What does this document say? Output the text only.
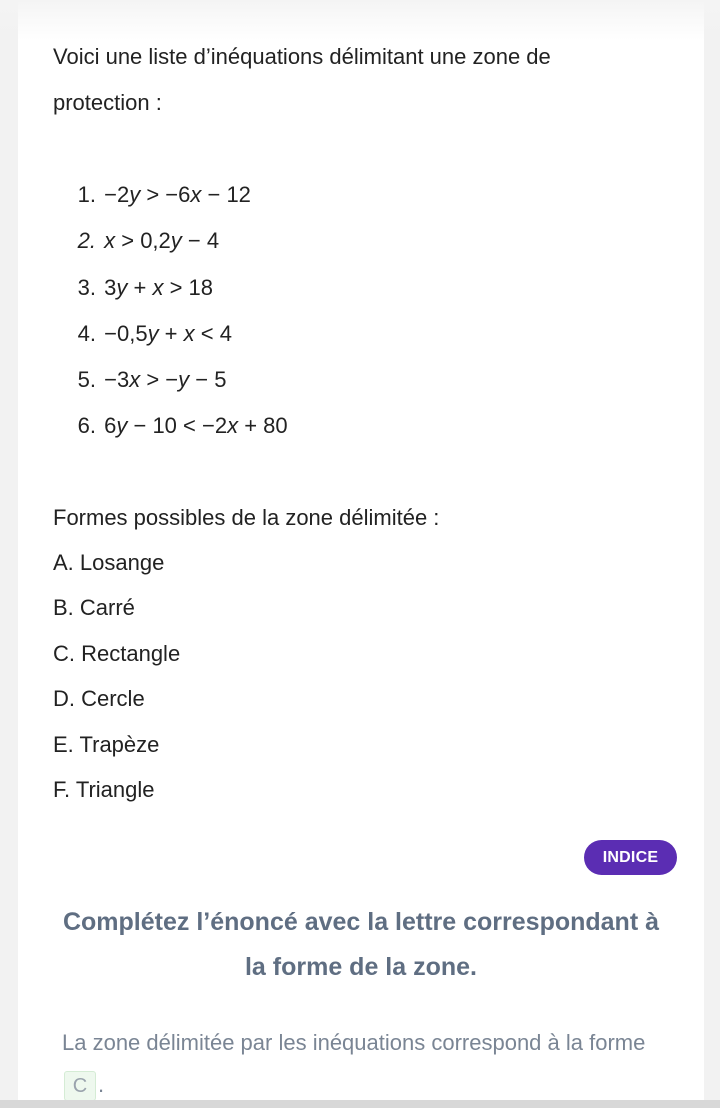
Voici une liste d’inéquations délimitant une zone de protection :
1. −2y > −6x − 12
2. x > 0,2y − 4
3. 3y + x > 18
4. −0,5y + x < 4
5. −3x > −y − 5
6. 6y − 10 < −2x + 80
Formes possibles de la zone délimitée :
A. Losange
B. Carré
C. Rectangle
D. Cercle
E. Trapèze
F. Triangle
INDICE
Complétez l’énoncé avec la lettre correspondant à la forme de la zone.
La zone délimitée par les inéquations correspond à la forme C .
